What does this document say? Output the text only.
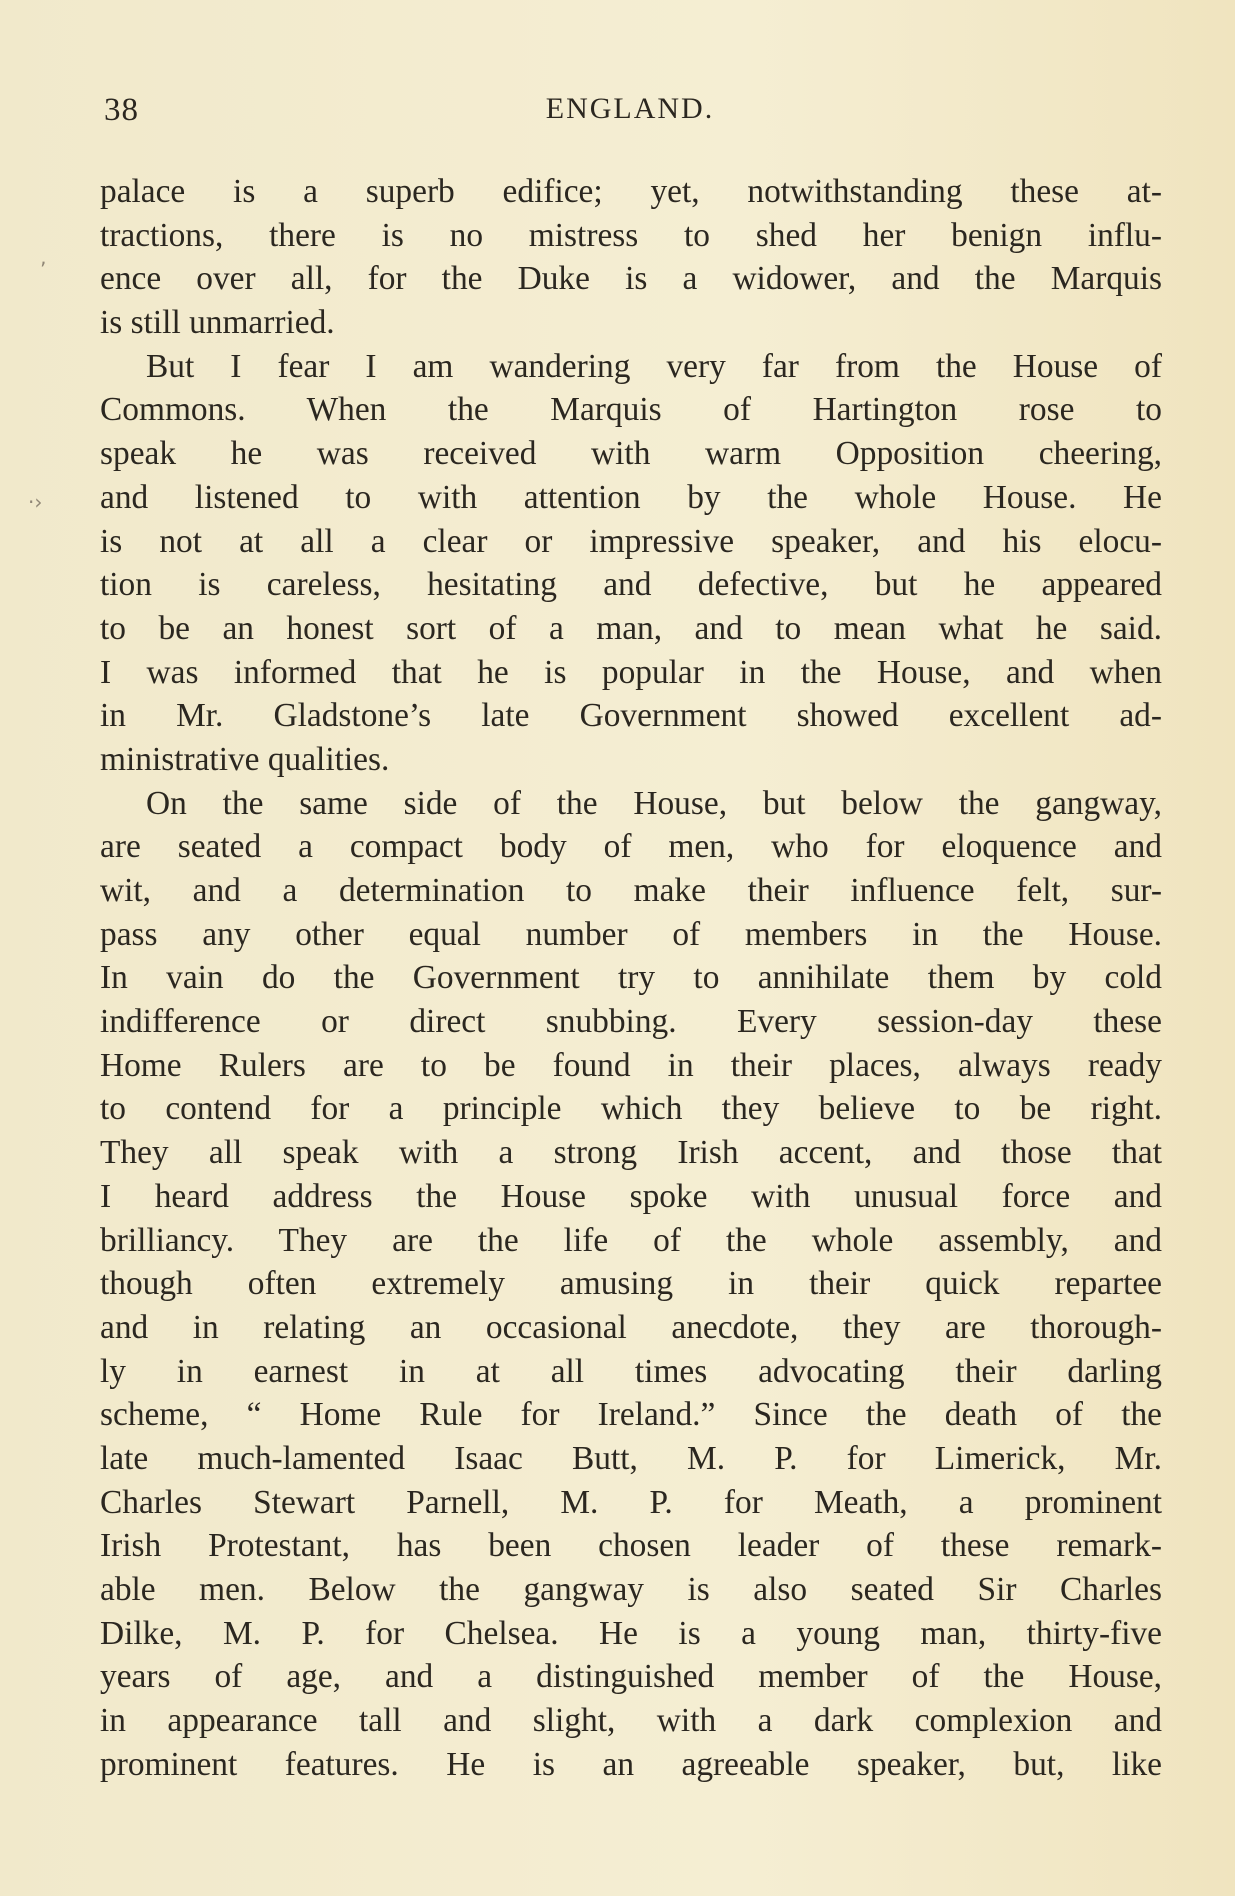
38	ENGLAND.
‚
·›
palace is a superb edifice; yet, notwithstanding these at-
tractions, there is no mistress to shed her benign influ-
ence over all, for the Duke is a widower, and the Marquis
is still unmarried.
But I fear I am wandering very far from the House of
Commons. When the Marquis of Hartington rose to
speak he was received with warm Opposition cheering,
and listened to with attention by the whole House. He
is not at all a clear or impressive speaker, and his elocu-
tion is careless, hesitating and defective, but he appeared
to be an honest sort of a man, and to mean what he said.
I was informed that he is popular in the House, and when
in Mr. Gladstone’s late Government showed excellent ad-
ministrative qualities.
On the same side of the House, but below the gangway,
are seated a compact body of men, who for eloquence and
wit, and a determination to make their influence felt, sur-
pass any other equal number of members in the House.
In vain do the Government try to annihilate them by cold
indifference or direct snubbing. Every session-day these
Home Rulers are to be found in their places, always ready
to contend for a principle which they believe to be right.
They all speak with a strong Irish accent, and those that
I heard address the House spoke with unusual force and
brilliancy. They are the life of the whole assembly, and
though often extremely amusing in their quick repartee
and in relating an occasional anecdote, they are thorough-
ly in earnest in at all times advocating their darling
scheme, “ Home Rule for Ireland.” Since the death of the
late much-lamented Isaac Butt, M. P. for Limerick, Mr.
Charles Stewart Parnell, M. P. for Meath, a prominent
Irish Protestant, has been chosen leader of these remark-
able men. Below the gangway is also seated Sir Charles
Dilke, M. P. for Chelsea. He is a young man, thirty-five
years of age, and a distinguished member of the House,
in appearance tall and slight, with a dark complexion and
prominent features. He is an agreeable speaker, but, like
